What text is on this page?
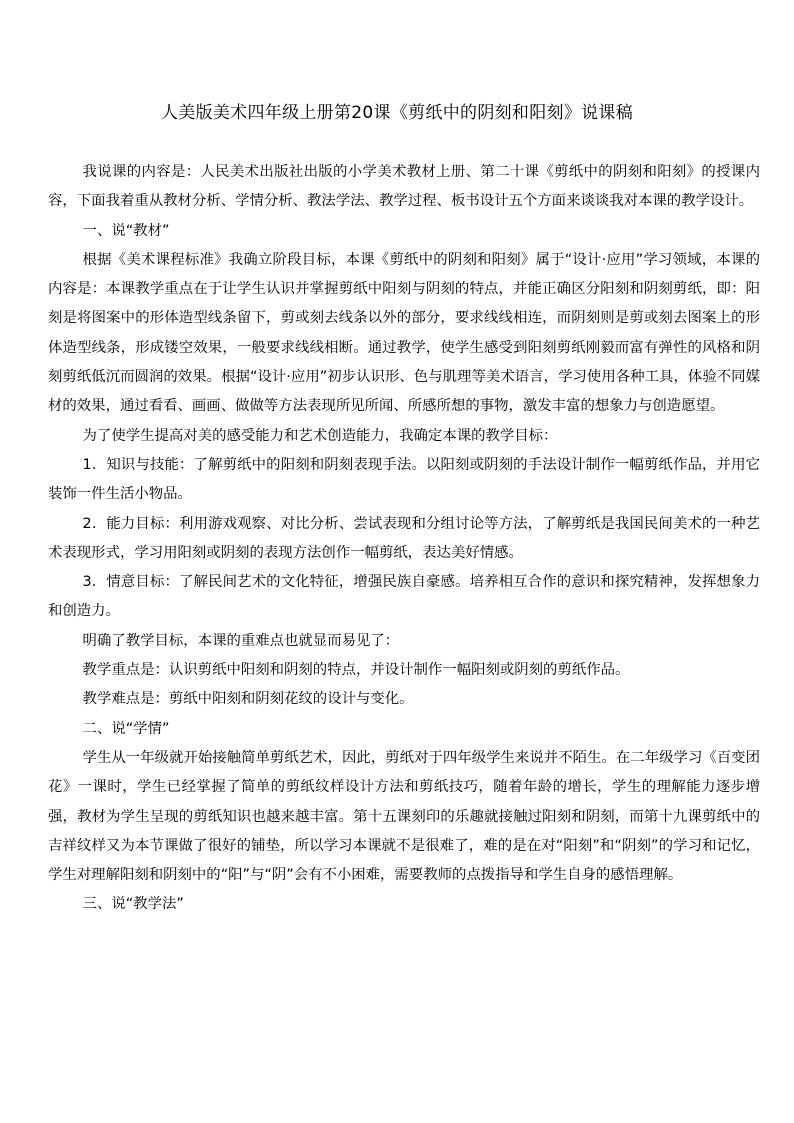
人美版美术四年级上册第20课《剪纸中的阴刻和阳刻》说课稿

我说课的内容是：人民美术出版社出版的小学美术教材上册、第二十课《剪纸中的阴刻和阳刻》的授课内容，下面我着重从教材分析、学情分析、教法学法、教学过程、板书设计五个方面来谈谈我对本课的教学设计。

一、说“教材”

根据《美术课程标准》我确立阶段目标，本课《剪纸中的阴刻和阳刻》属于“设计·应用”学习领域，本课的内容是：本课教学重点在于让学生认识并掌握剪纸中阳刻与阴刻的特点，并能正确区分阳刻和阴刻剪纸，即：阳刻是将图案中的形体造型线条留下，剪或刻去线条以外的部分，要求线线相连，而阴刻则是剪或刻去图案上的形体造型线条，形成镂空效果，一般要求线线相断。通过教学，使学生感受到阳刻剪纸刚毅而富有弹性的风格和阴刻剪纸低沉而圆润的效果。根据“设计·应用”初步认识形、色与肌理等美术语言，学习使用各种工具，体验不同媒材的效果，通过看看、画画、做做等方法表现所见所闻、所感所想的事物，激发丰富的想象力与创造愿望。

为了使学生提高对美的感受能力和艺术创造能力，我确定本课的教学目标：

1．知识与技能：了解剪纸中的阳刻和阴刻表现手法。以阳刻或阴刻的手法设计制作一幅剪纸作品，并用它装饰一件生活小物品。

2．能力目标：利用游戏观察、对比分析、尝试表现和分组讨论等方法，了解剪纸是我国民间美术的一种艺术表现形式，学习用阳刻或阴刻的表现方法创作一幅剪纸，表达美好情感。

3．情意目标：了解民间艺术的文化特征，增强民族自豪感。培养相互合作的意识和探究精神，发挥想象力和创造力。

明确了教学目标，本课的重难点也就显而易见了：

教学重点是：认识剪纸中阳刻和阴刻的特点，并设计制作一幅阳刻或阴刻的剪纸作品。

教学难点是：剪纸中阳刻和阴刻花纹的设计与变化。

二、说“学情”

学生从一年级就开始接触简单剪纸艺术，因此，剪纸对于四年级学生来说并不陌生。在二年级学习《百变团花》一课时，学生已经掌握了简单的剪纸纹样设计方法和剪纸技巧，随着年龄的增长，学生的理解能力逐步增强，教材为学生呈现的剪纸知识也越来越丰富。第十五课刻印的乐趣就接触过阳刻和阴刻，而第十九课剪纸中的吉祥纹样又为本节课做了很好的铺垫，所以学习本课就不是很难了，难的是在对“阳刻”和“阴刻”的学习和记忆，学生对理解阳刻和阴刻中的“阳”与“阴”会有不小困难，需要教师的点拨指导和学生自身的感悟理解。

三、说“教学法”
